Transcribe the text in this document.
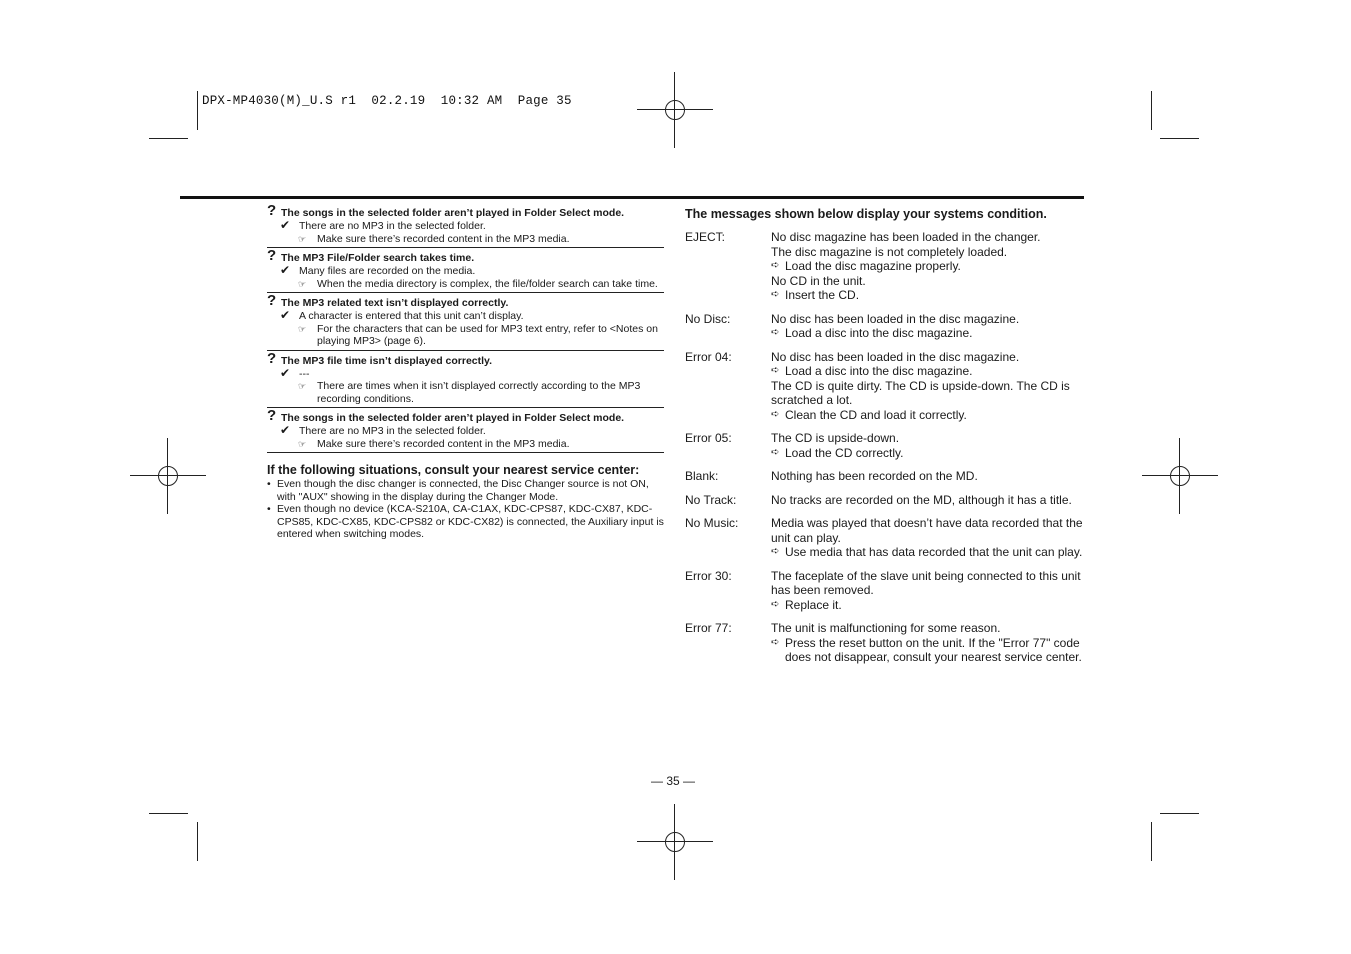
DPX-MP4030(M)_U.S r1  02.2.19  10:32 AM  Page 35
? The songs in the selected folder aren’t played in Folder Select mode.
✔ There are no MP3 in the selected folder.
☞ Make sure there’s recorded content in the MP3 media.
? The MP3 File/Folder search takes time.
✔ Many files are recorded on the media.
☞ When the media directory is complex, the file/folder search can take time.
? The MP3 related text isn’t displayed correctly.
✔ A character is entered that this unit can’t display.
☞ For the characters that can be used for MP3 text entry, refer to <Notes on playing MP3> (page 6).
? The MP3 file time isn’t displayed correctly.
✔ ---
☞ There are times when it isn’t displayed correctly according to the MP3 recording conditions.
? The songs in the selected folder aren’t played in Folder Select mode.
✔ There are no MP3 in the selected folder.
☞ Make sure there’s recorded content in the MP3 media.
If the following situations, consult your nearest service center:
• Even though the disc changer is connected, the Disc Changer source is not ON, with "AUX" showing in the display during the Changer Mode.
• Even though no device (KCA-S210A, CA-C1AX, KDC-CPS87, KDC-CX87, KDC-CPS85, KDC-CX85, KDC-CPS82 or KDC-CX82) is connected, the Auxiliary input is entered when switching modes.
The messages shown below display your systems condition.
EJECT:	No disc magazine has been loaded in the changer.
The disc magazine is not completely loaded.
➪ Load the disc magazine properly.
No CD in the unit.
➪ Insert the CD.
No Disc:	No disc has been loaded in the disc magazine.
➪ Load a disc into the disc magazine.
Error 04:	No disc has been loaded in the disc magazine.
➪ Load a disc into the disc magazine.
The CD is quite dirty. The CD is upside-down. The CD is scratched a lot.
➪ Clean the CD and load it correctly.
Error 05:	The CD is upside-down.
➪ Load the CD correctly.
Blank:	Nothing has been recorded on the MD.
No Track:	No tracks are recorded on the MD, although it has a title.
No Music:	Media was played that doesn’t have data recorded that the unit can play.
➪ Use media that has data recorded that the unit can play.
Error 30:	The faceplate of the slave unit being connected to this unit has been removed.
➪ Replace it.
Error 77:	The unit is malfunctioning for some reason.
➪ Press the reset button on the unit. If the "Error 77" code does not disappear, consult your nearest service center.
— 35 —
